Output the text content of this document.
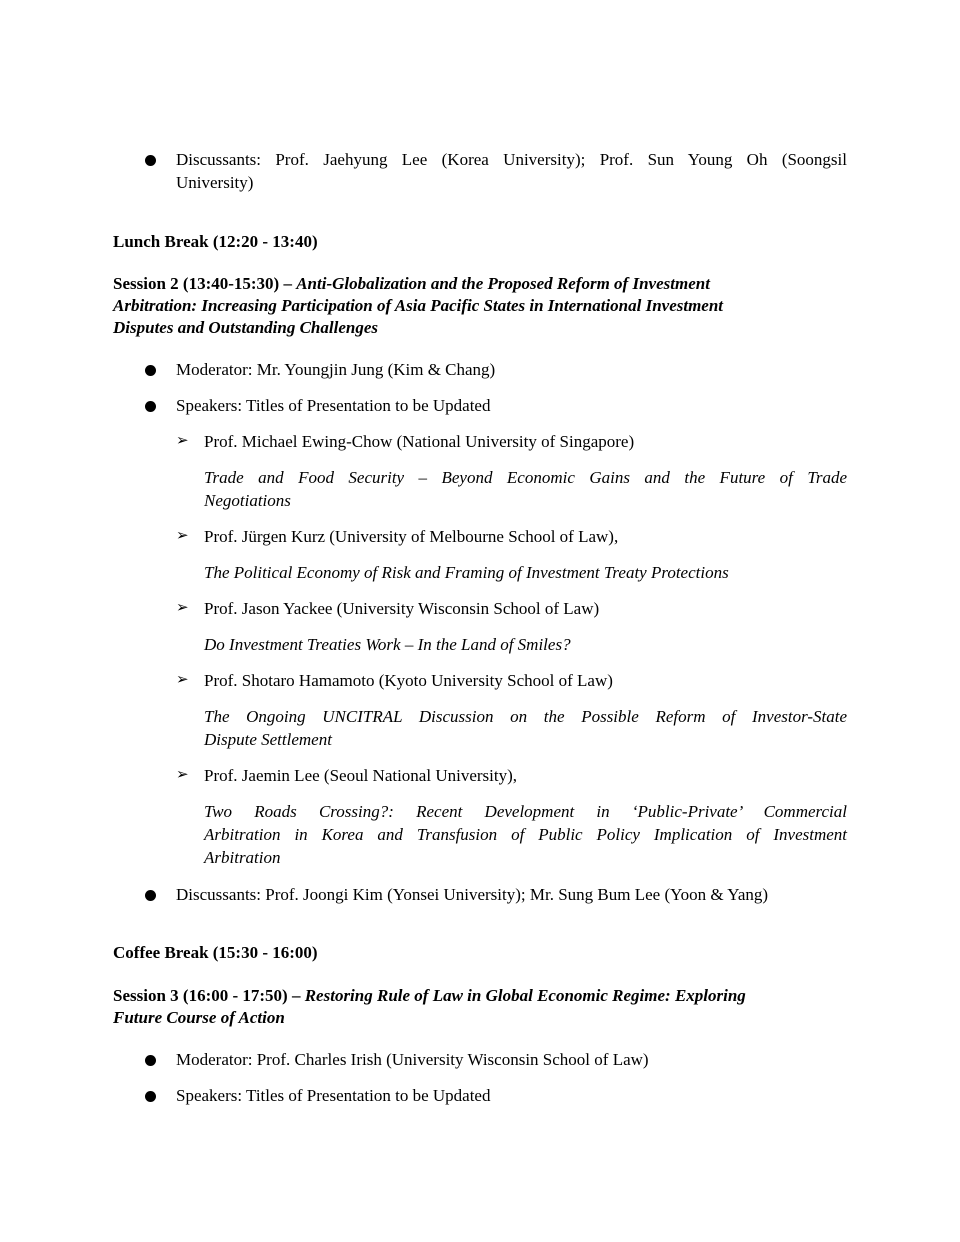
Discussants: Prof. Jaehyung Lee (Korea University); Prof. Sun Young Oh (Soongsil
University)
Lunch Break (12:20 - 13:40)
Session 2 (13:40-15:30) – Anti-Globalization and the Proposed Reform of Investment
Arbitration: Increasing Participation of Asia Pacific States in International Investment
Disputes and Outstanding Challenges
Moderator: Mr. Youngjin Jung (Kim & Chang)
Speakers: Titles of Presentation to be Updated
➢ Prof. Michael Ewing-Chow (National University of Singapore)
Trade and Food Security – Beyond Economic Gains and the Future of Trade
Negotiations
➢ Prof. Jürgen Kurz (University of Melbourne School of Law),
The Political Economy of Risk and Framing of Investment Treaty Protections
➢ Prof. Jason Yackee (University Wisconsin School of Law)
Do Investment Treaties Work – In the Land of Smiles?
➢ Prof. Shotaro Hamamoto (Kyoto University School of Law)
The Ongoing UNCITRAL Discussion on the Possible Reform of Investor-State
Dispute Settlement
➢ Prof. Jaemin Lee (Seoul National University),
Two Roads Crossing?: Recent Development in ‘Public-Private’ Commercial
Arbitration in Korea and Transfusion of Public Policy Implication of Investment
Arbitration
Discussants: Prof. Joongi Kim (Yonsei University); Mr. Sung Bum Lee (Yoon & Yang)
Coffee Break (15:30 - 16:00)
Session 3 (16:00 - 17:50) – Restoring Rule of Law in Global Economic Regime: Exploring
Future Course of Action
Moderator: Prof. Charles Irish (University Wisconsin School of Law)
Speakers: Titles of Presentation to be Updated
